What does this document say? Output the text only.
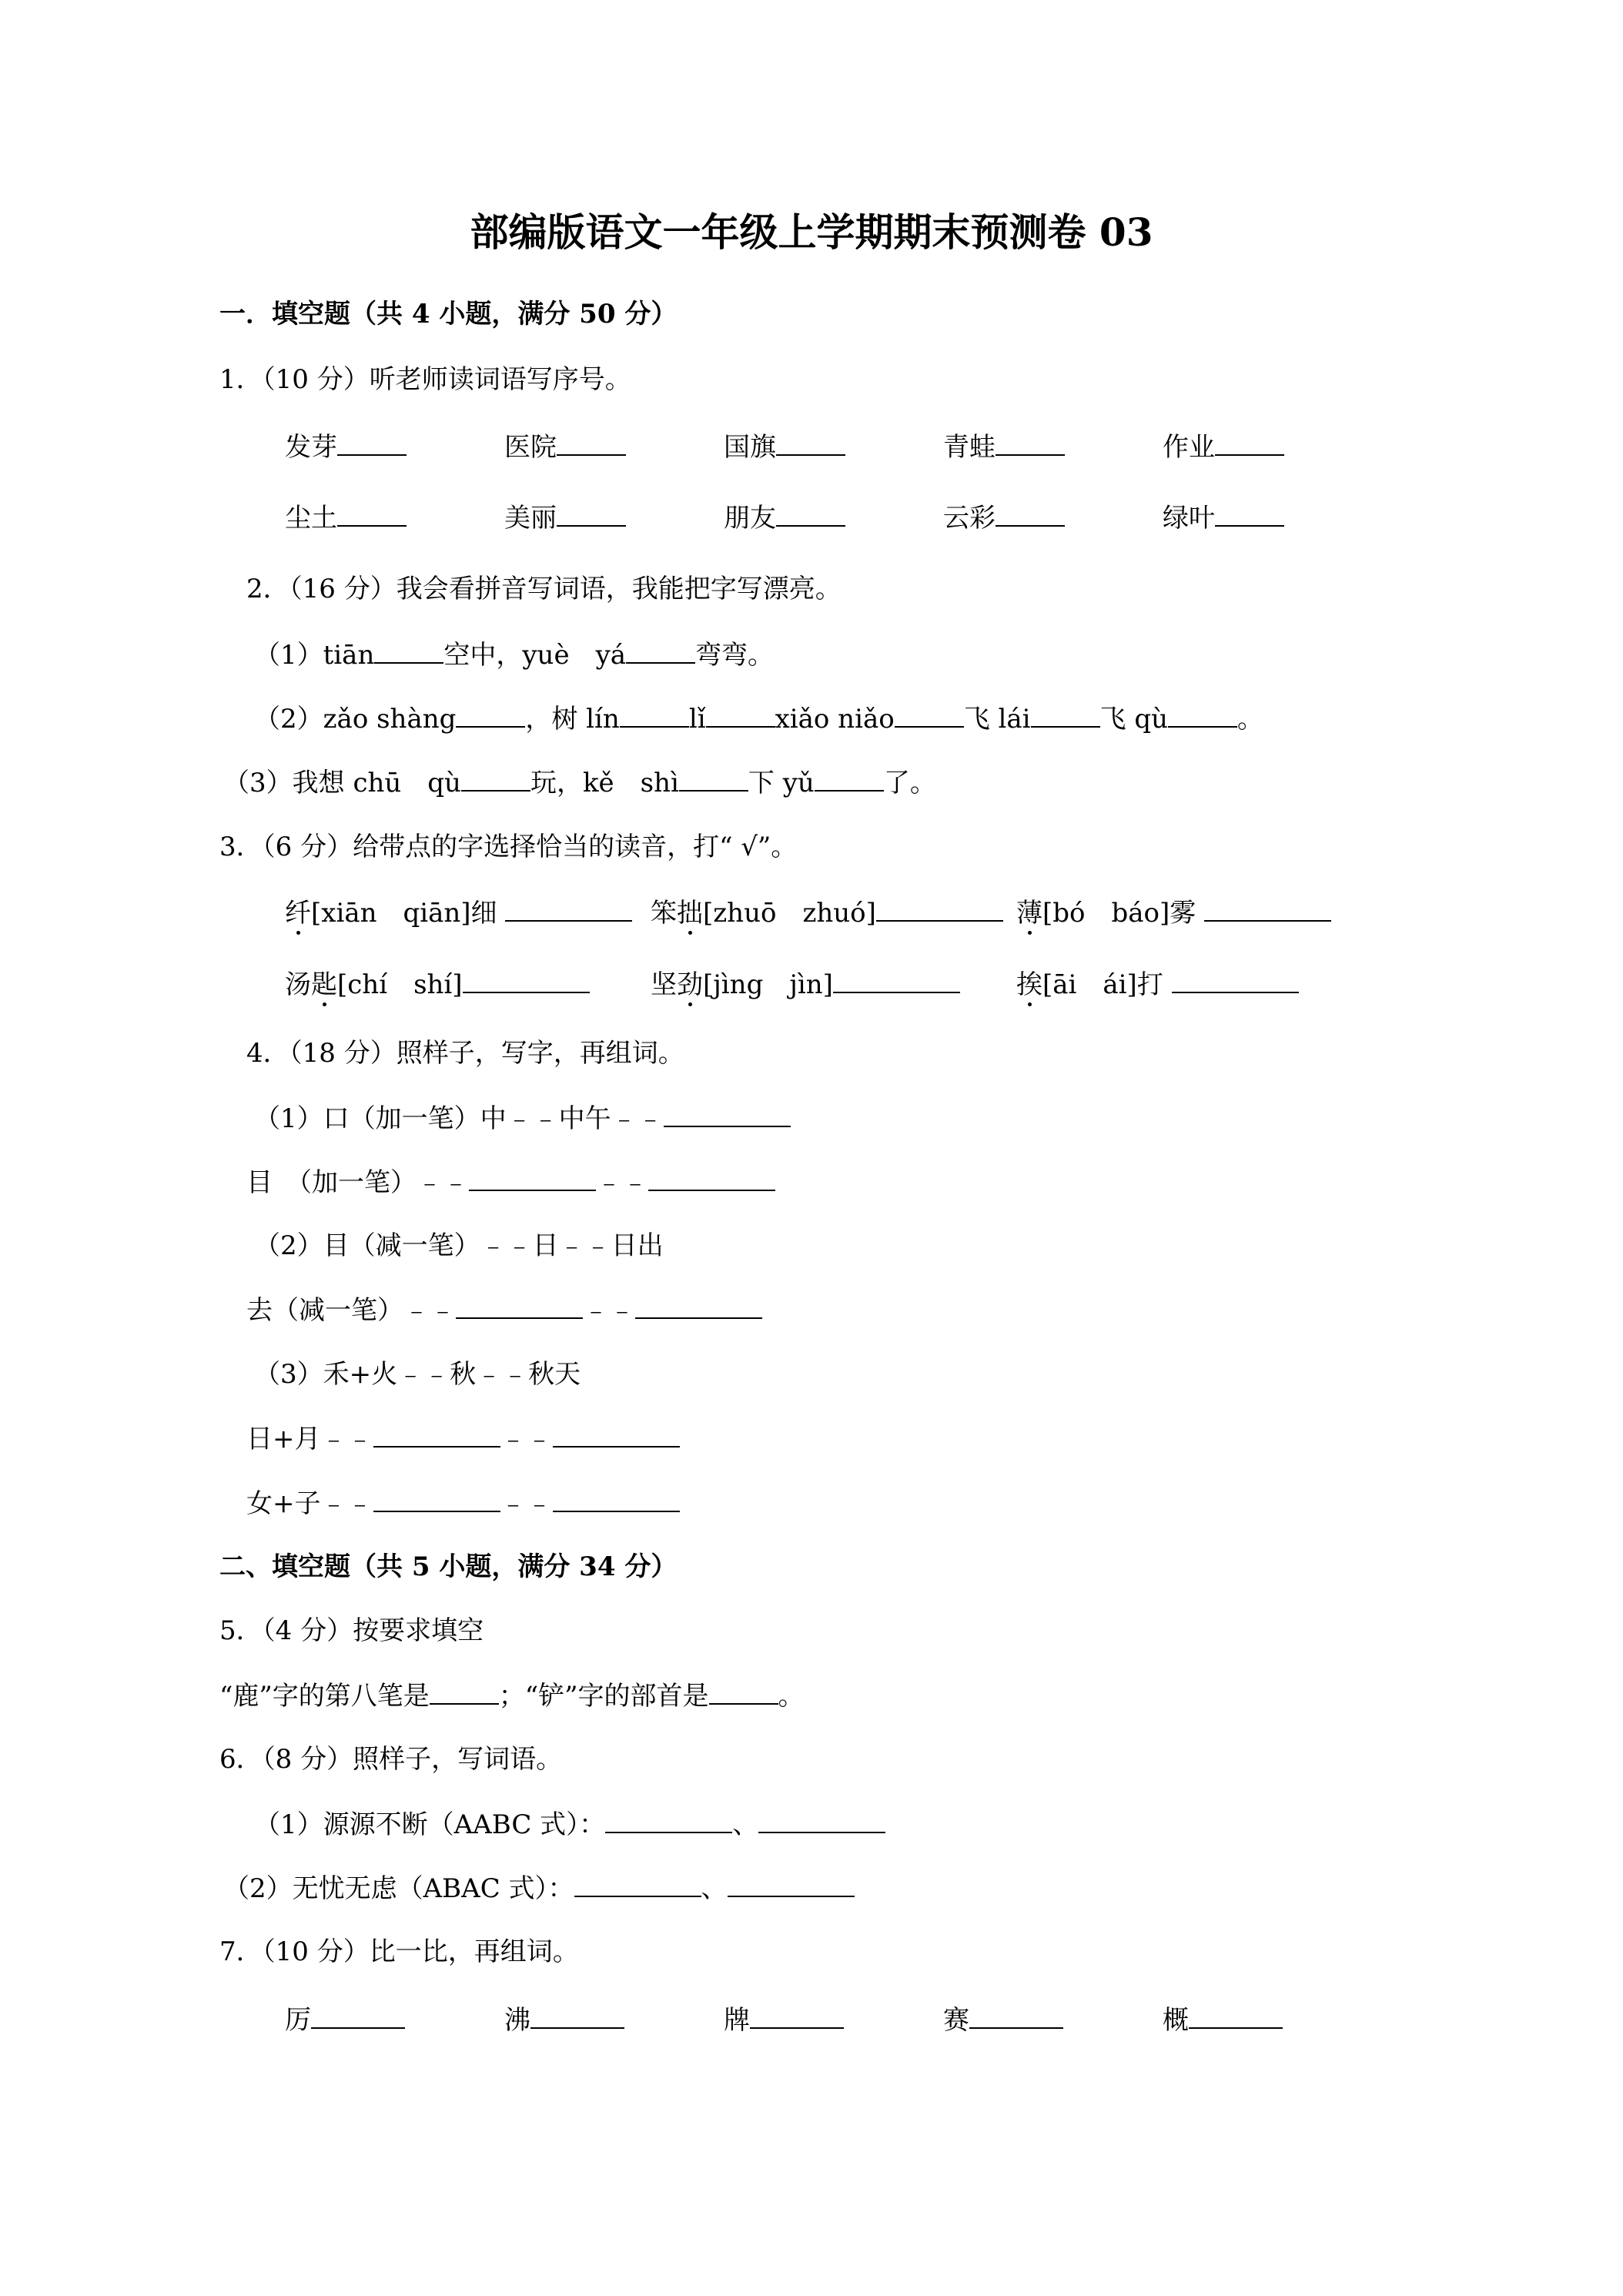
部编版语文一年级上学期期末预测卷 03
一．填空题（共 4 小题，满分 50 分）
1．（10 分）听老师读词语写序号。
发芽	医院	国旗	青蛙	作业
尘土	美丽	朋友	云彩	绿叶
2．（16 分）我会看拼音写词语，我能把字写漂亮。
（1）tiān	空中，yuè　yá	弯弯。
（2）zǎo shàng	，树 lín	lǐ	xiǎo niǎo	飞 lái	飞 qù	。
（3）我想 chū　qù	玩，kě　shì	下 yǔ	了。
3．（6 分）给带点的字选择恰当的读音，打“ √”。
纤[xiān　qiān]细	笨拙[zhuō　zhuó]	薄[bó　báo]雾
汤匙[chí　shí]	坚劲[jìng　jìn]	挨[āi　ái]打
4．（18 分）照样子，写字，再组词。
（1）口（加一笔）中﹣﹣中午﹣﹣
目　（加一笔）﹣﹣	﹣﹣
（2）目（减一笔）﹣﹣日﹣﹣日出
去（减一笔）﹣﹣	﹣﹣
（3）禾+火﹣﹣秋﹣﹣秋天
日+月﹣﹣	﹣﹣
女+子﹣﹣	﹣﹣
二、填空题（共 5 小题，满分 34 分）
5．（4 分）按要求填空
“鹿”字的第八笔是	；“铲”字的部首是	。
6．（8 分）照样子，写词语。
（1）源源不断（AABC 式）：	、
（2）无忧无虑（ABAC 式）：	、
7．（10 分）比一比，再组词。
厉	沸	牌	赛	概
